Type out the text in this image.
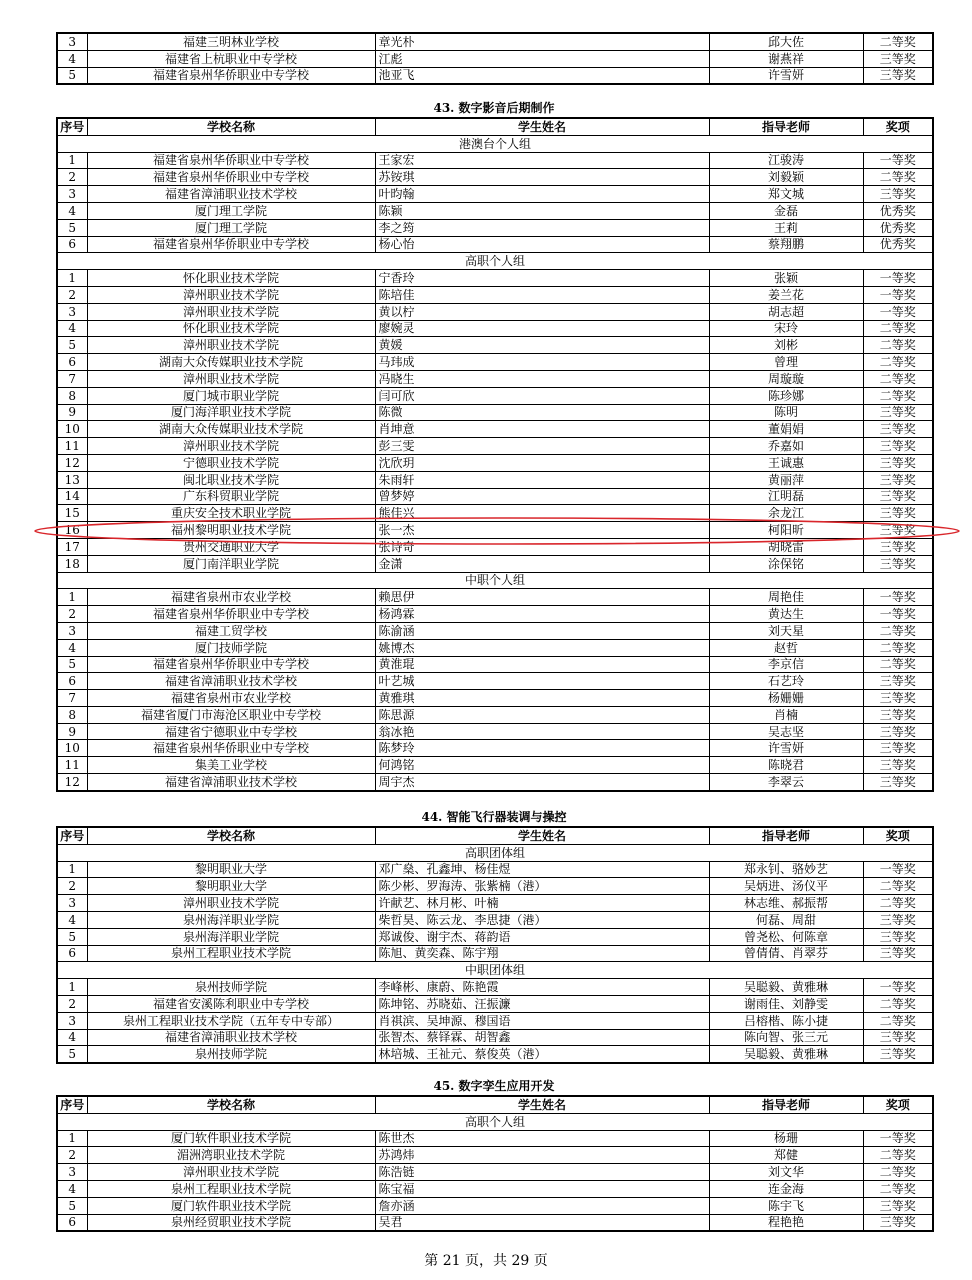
3	福建三明林业学校	章光朴	邱大佐	二等奖
4	福建省上杭职业中专学校	江彪	谢燕祥	三等奖
5	福建省泉州华侨职业中专学校	池亚飞	许雪妍	三等奖
43. 数字影音后期制作
序号	学校名称	学生姓名	指导老师	奖项
港澳台个人组				
1	福建省泉州华侨职业中专学校	王家宏	江骏涛	一等奖
2	福建省泉州华侨职业中专学校	苏铵琪	刘毅颖	二等奖
3	福建省漳浦职业技术学校	叶昀翰	郑文城	三等奖
4	厦门理工学院	陈颖	金磊	优秀奖
5	厦门理工学院	李之筠	王莉	优秀奖
6	福建省泉州华侨职业中专学校	杨心怡	蔡翔鹏	优秀奖
高职个人组				
1	怀化职业技术学院	宁香玲	张颖	一等奖
2	漳州职业技术学院	陈培佳	姜兰花	一等奖
3	漳州职业技术学院	黄以柠	胡志超	一等奖
4	怀化职业技术学院	廖婉灵	宋玲	二等奖
5	漳州职业技术学院	黄媛	刘彬	二等奖
6	湖南大众传媒职业技术学院	马玮成	曾理	二等奖
7	漳州职业技术学院	冯晓生	周璇璇	二等奖
8	厦门城市职业学院	闫可欣	陈珍娜	二等奖
9	厦门海洋职业技术学院	陈微	陈明	三等奖
10	湖南大众传媒职业技术学院	肖坤意	董娟娟	三等奖
11	漳州职业技术学院	彭三雯	乔嘉如	三等奖
12	宁德职业技术学院	沈欣玥	王诚惠	三等奖
13	闽北职业技术学院	朱雨轩	黄丽萍	三等奖
14	广东科贸职业学院	曾梦婷	江明磊	三等奖
15	重庆安全技术职业学院	熊佳兴	余龙江	三等奖
16	福州黎明职业技术学院	张一杰	柯阳昕	三等奖
17	贵州交通职业大学	张诗奇	胡晓雷	三等奖
18	厦门南洋职业学院	金潇	涂保铭	三等奖
中职个人组				
1	福建省泉州市农业学校	赖思伊	周艳佳	一等奖
2	福建省泉州华侨职业中专学校	杨鸿霖	黄达生	一等奖
3	福建工贸学校	陈渝涵	刘天星	二等奖
4	厦门技师学院	姚博杰	赵哲	二等奖
5	福建省泉州华侨职业中专学校	黄淮琨	李京信	二等奖
6	福建省漳浦职业技术学校	叶艺城	石艺玲	三等奖
7	福建省泉州市农业学校	黄雅琪	杨姗姗	三等奖
8	福建省厦门市海沧区职业中专学校	陈思源	肖楠	三等奖
9	福建省宁德职业中专学校	翁冰艳	吴志坚	三等奖
10	福建省泉州华侨职业中专学校	陈梦玲	许雪妍	三等奖
11	集美工业学校	何鸿铭	陈晓君	三等奖
12	福建省漳浦职业技术学校	周宇杰	李翠云	三等奖
44. 智能飞行器装调与操控
序号	学校名称	学生姓名	指导老师	奖项
高职团体组				
1	黎明职业大学	邓广燊、孔鑫坤、杨佳煜	郑永钊、骆妙艺	一等奖
2	黎明职业大学	陈少彬、罗海涛、张紫楠（港）	吴炳进、汤仪平	二等奖
3	漳州职业技术学院	许献艺、林月彬、叶楠	林志维、郝振帮	二等奖
4	泉州海洋职业学院	柴哲昊、陈云龙、李思捷（港）	何磊、周甜	三等奖
5	泉州海洋职业学院	郑诚俊、谢宇杰、蒋韵语	曾尧松、何陈章	三等奖
6	泉州工程职业技术学院	陈旭、黄奕森、陈宇翔	曾倩倩、肖翠芬	三等奖
中职团体组				
1	泉州技师学院	李峰彬、康蔚、陈艳霞	吴聪毅、黄雅琳	一等奖
2	福建省安溪陈利职业中专学校	陈坤铭、苏晓茹、汪振濂	谢雨佳、刘静雯	二等奖
3	泉州工程职业技术学院（五年专中专部）	肖祺滨、吴坤源、穆国语	吕榕楷、陈小捷	二等奖
4	福建省漳浦职业技术学校	张智杰、蔡铎霖、胡智鑫	陈向智、张三元	三等奖
5	泉州技师学院	林培城、王祉元、蔡俊英（港）	吴聪毅、黄雅琳	三等奖
45. 数字孪生应用开发
序号	学校名称	学生姓名	指导老师	奖项
高职个人组				
1	厦门软件职业技术学院	陈世杰	杨珊	一等奖
2	湄洲湾职业技术学院	苏鸿炜	郑健	二等奖
3	漳州职业技术学院	陈浩链	刘文华	二等奖
4	泉州工程职业技术学院	陈宝福	连金海	二等奖
5	厦门软件职业技术学院	詹亦涵	陈宇飞	三等奖
6	泉州经贸职业技术学院	吴君	程艳艳	三等奖
第 21 页，共 29 页
